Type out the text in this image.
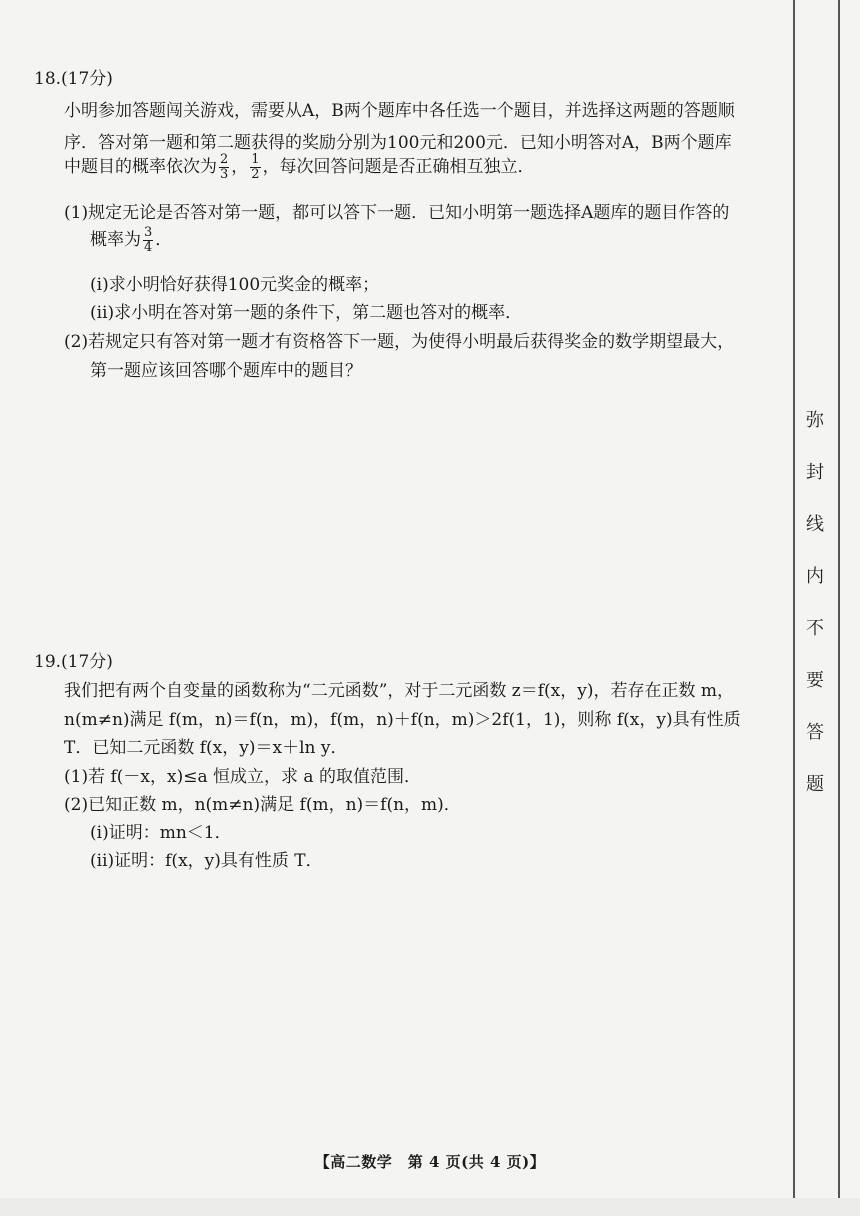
弥
封
线
内
不
要
答
题
18.(17分)
小明参加答题闯关游戏，需要从A，B两个题库中各任选一个题目，并选择这两题的答题顺
序．答对第一题和第二题获得的奖励分别为100元和200元．已知小明答对A，B两个题库
中题目的概率依次为 $\frac{2}{3}$ ， $\frac{1}{2}$ ，每次回答问题是否正确相互独立．
(1)规定无论是否答对第一题，都可以答下一题．已知小明第一题选择A题库的题目作答的
概率为 $\frac{3}{4}$ ．
(ⅰ)求小明恰好获得100元奖金的概率；
(ⅱ)求小明在答对第一题的条件下，第二题也答对的概率．
(2)若规定只有答对第一题才有资格答下一题，为使得小明最后获得奖金的数学期望最大，
第一题应该回答哪个题库中的题目？
19.(17分)
我们把有两个自变量的函数称为“二元函数”，对于二元函数 z＝f(x，y)，若存在正数 m，
n(m≠n)满足 f(m，n)＝f(n，m)，f(m，n)＋f(n，m)＞2f(1，1)，则称 f(x，y)具有性质
T．已知二元函数 f(x，y)＝x＋ln y．
(1)若 f(－x，x)≤a 恒成立，求 a 的取值范围．
(2)已知正数 m，n(m≠n)满足 f(m，n)＝f(n，m)．
(ⅰ)证明：mn＜1．
(ⅱ)证明：f(x，y)具有性质 T．
【高二数学　第 4 页(共 4 页)】
